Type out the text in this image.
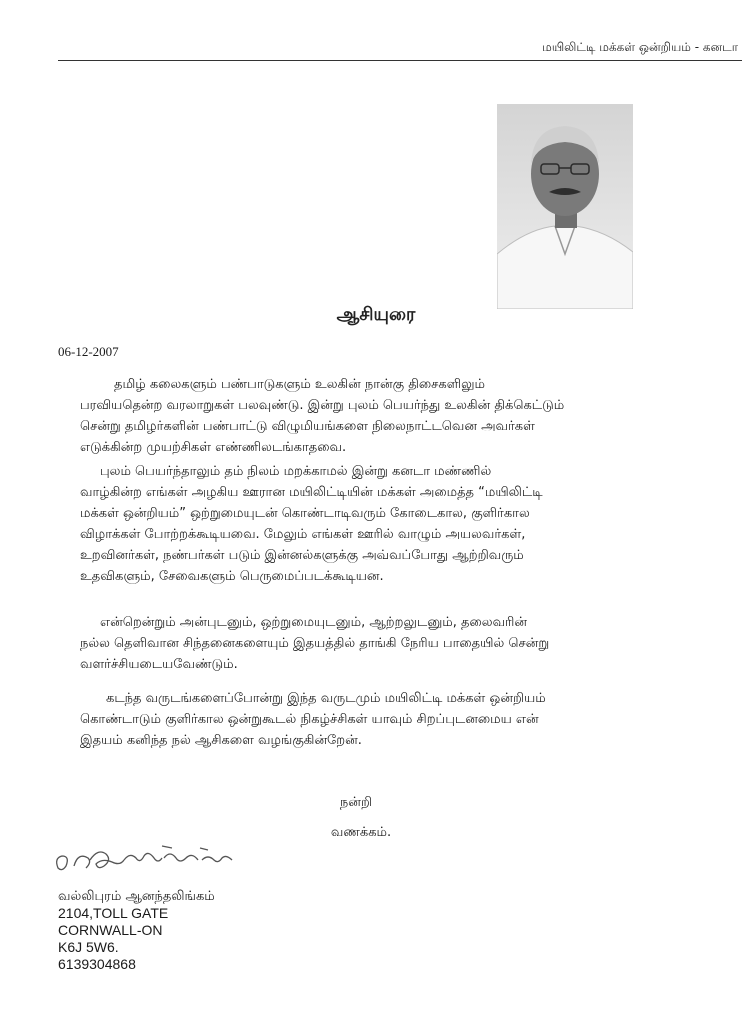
மயிலிட்டி மக்கள் ஒன்றியம் - கனடா
ஆசியுரை
06-12-2007
தமிழ் கலைகளும் பண்பாடுகளும் உலகின் நான்கு திசைகளிலும்
பரவியதென்ற வரலாறுகள் பலவுண்டு. இன்று புலம் பெயர்ந்து உலகின் திக்கெட்டும்
சென்று தமிழர்களின் பண்பாட்டு விழுமியங்களை நிலைநாட்டவென அவர்கள்
எடுக்கின்ற முயற்சிகள் எண்ணிலடங்காதவை.
புலம் பெயர்ந்தாலும் தம் நிலம் மறக்காமல் இன்று கனடா மண்ணில்
வாழ்கின்ற எங்கள் அழகிய ஊரான மயிலிட்டியின் மக்கள் அமைத்த “மயிலிட்டி
மக்கள் ஒன்றியம்” ஒற்றுமையுடன் கொண்டாடிவரும் கோடைகால, குளிர்கால
விழாக்கள் போற்றக்கூடியவை. மேலும் எங்கள் ஊரில் வாழும் அயலவர்கள்,
உறவினர்கள், நண்பர்கள் படும் இன்னல்களுக்கு அவ்வப்போது ஆற்றிவரும்
உதவிகளும், சேவைகளும் பெருமைப்படக்கூடியன.
என்றென்றும் அன்புடனும், ஒற்றுமையுடனும், ஆற்றலுடனும், தலைவரின்
நல்ல தெளிவான சிந்தனைகளையும் இதயத்தில் தாங்கி நேரிய பாதையில் சென்று
வளர்ச்சியடையவேண்டும்.
கடந்த வருடங்களைப்போன்று இந்த வருடமும் மயிலிட்டி மக்கள் ஒன்றியம்
கொண்டாடும் குளிர்கால ஒன்றுகூடல் நிகழ்ச்சிகள் யாவும் சிறப்புடனமைய என்
இதயம் கனிந்த நல் ஆசிகளை வழங்குகின்றேன்.
நன்றி
வணக்கம்.
வல்லிபுரம் ஆனந்தலிங்கம்
2104,TOLL GATE
CORNWALL-ON
K6J 5W6.
6139304868
